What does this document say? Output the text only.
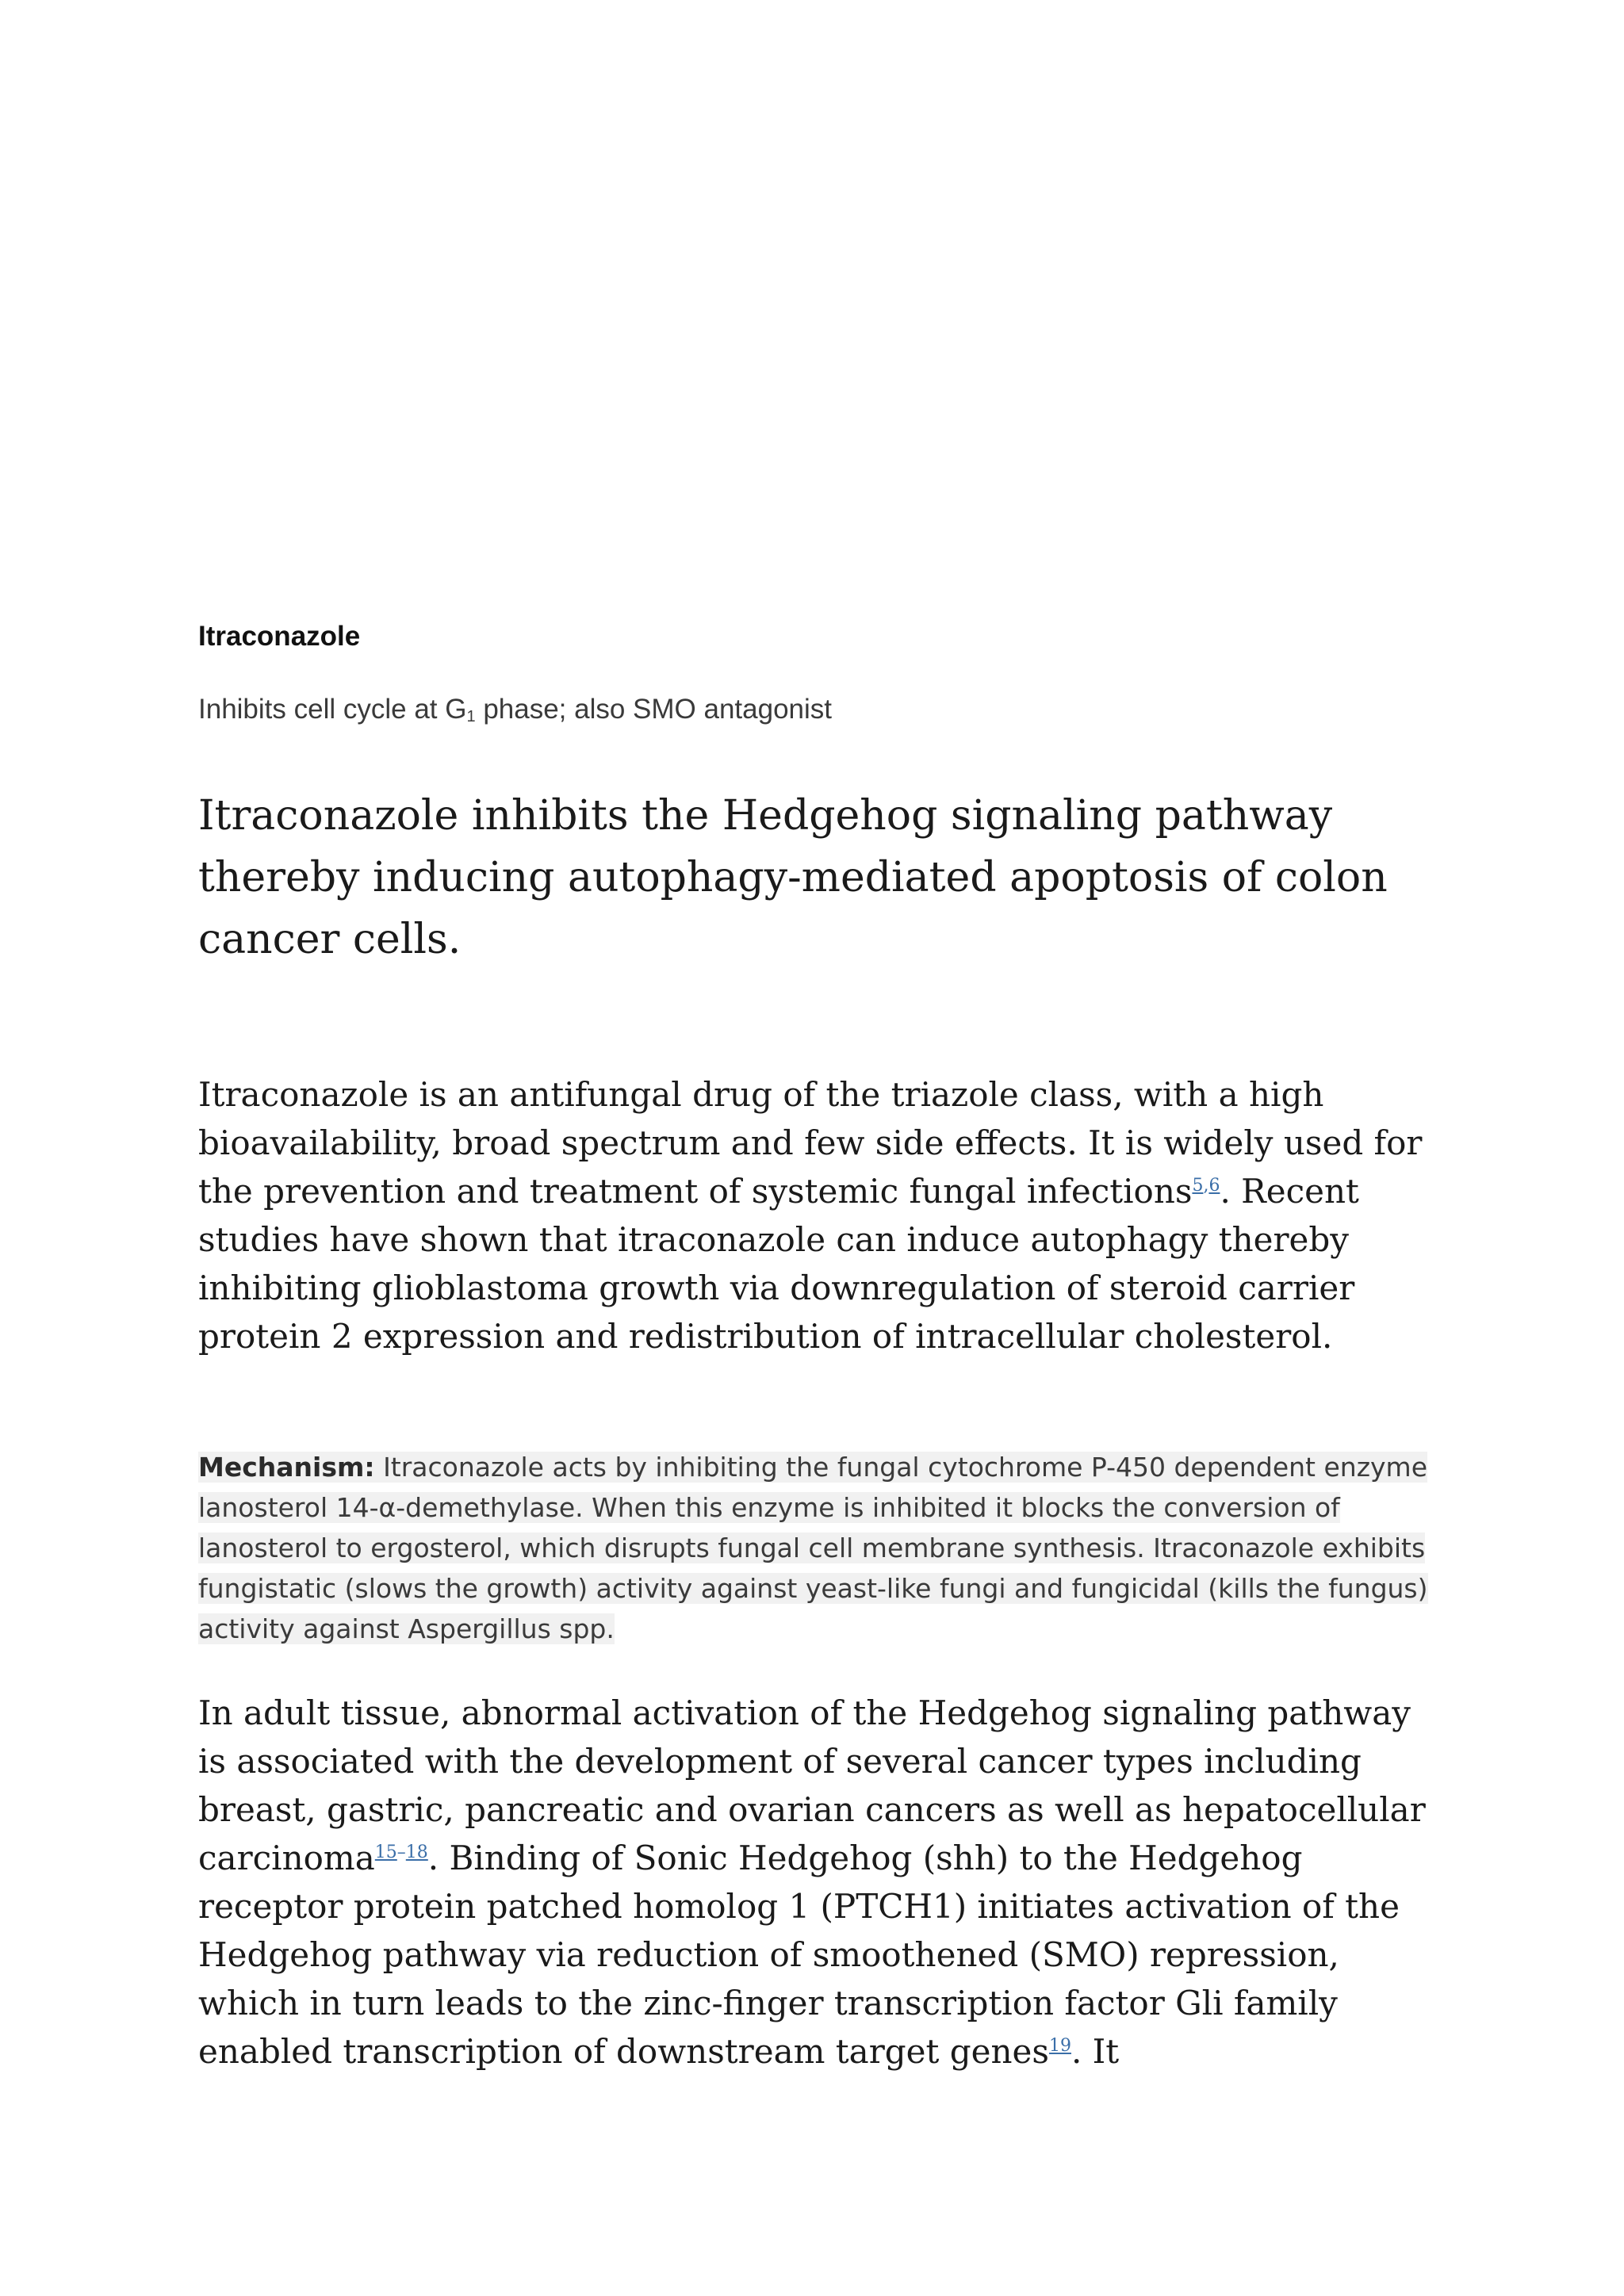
Itraconazole
Inhibits cell cycle at $G_1$ phase; also SMO antagonist
Itraconazole inhibits the Hedgehog signaling pathway thereby inducing autophagy-mediated apoptosis of colon cancer cells.

Itraconazole is an antifungal drug of the triazole class, with a high bioavailability, broad spectrum and few side effects. It is widely used for the prevention and treatment of systemic fungal infections$^{5,6}$. Recent studies have shown that itraconazole can induce autophagy thereby inhibiting glioblastoma growth via downregulation of steroid carrier protein 2 expression and redistribution of intracellular cholesterol.

Mechanism: Itraconazole acts by inhibiting the fungal cytochrome P-450 dependent enzyme lanosterol 14-α-demethylase. When this enzyme is inhibited it blocks the conversion of lanosterol to ergosterol, which disrupts fungal cell membrane synthesis. Itraconazole exhibits fungistatic (slows the growth) activity against yeast-like fungi and fungicidal (kills the fungus) activity against Aspergillus spp.

In adult tissue, abnormal activation of the Hedgehog signaling pathway is associated with the development of several cancer types including breast, gastric, pancreatic and ovarian cancers as well as hepatocellular carcinoma$^{15-18}$. Binding of Sonic Hedgehog (shh) to the Hedgehog receptor protein patched homolog 1 (PTCH1) initiates activation of the Hedgehog pathway via reduction of smoothened (SMO) repression, which in turn leads to the zinc-finger transcription factor Gli family enabled transcription of downstream target genes$^{19}$. It
